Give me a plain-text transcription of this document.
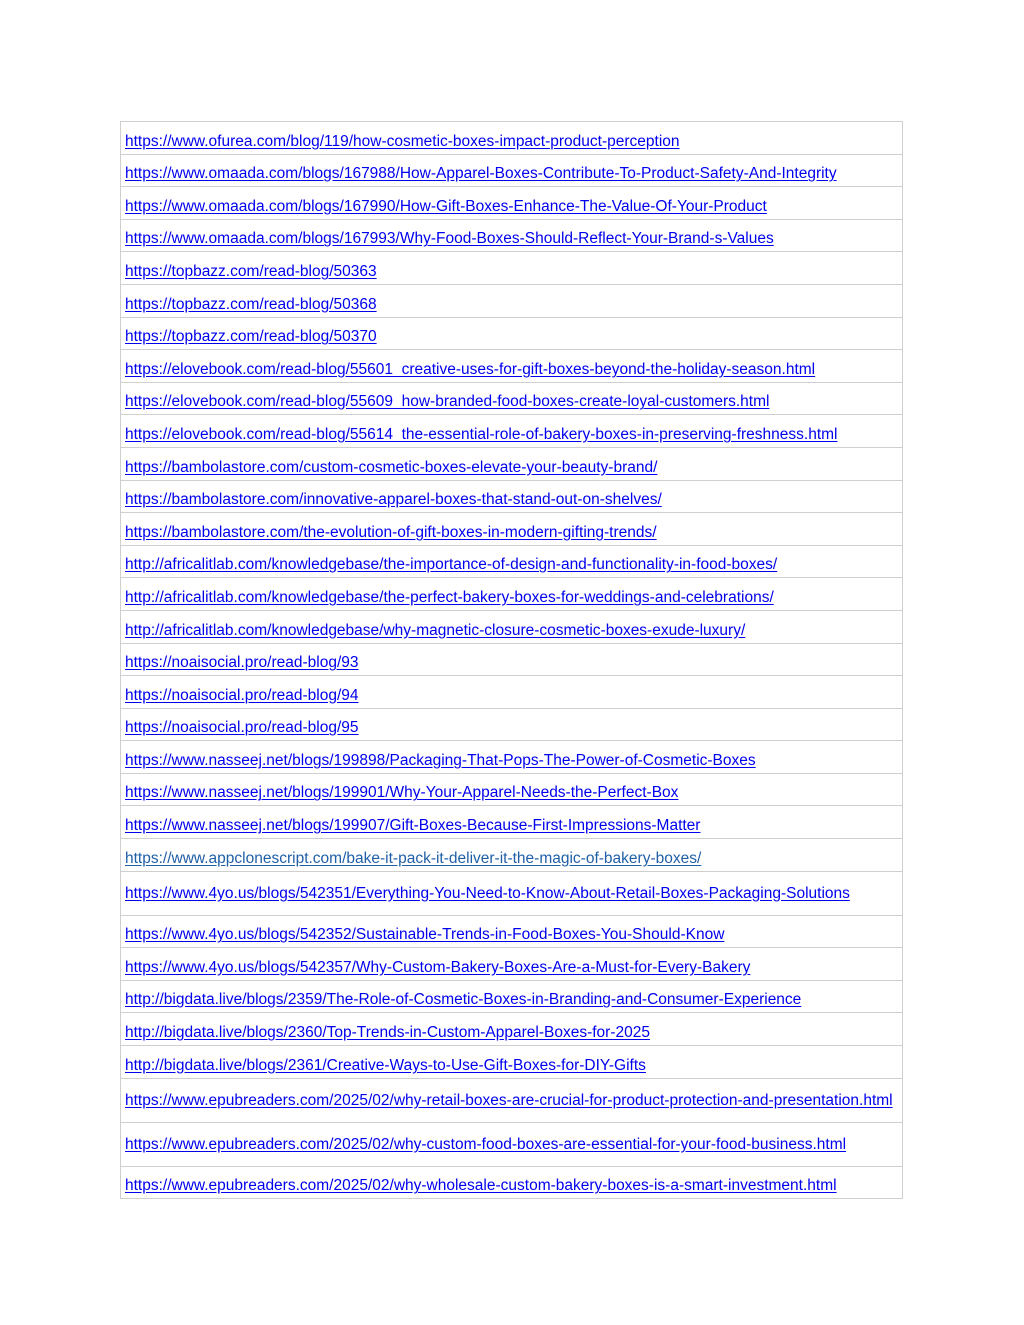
https://www.ofurea.com/blog/119/how-cosmetic-boxes-impact-product-perception
https://www.omaada.com/blogs/167988/How-Apparel-Boxes-Contribute-To-Product-Safety-And-Integrity
https://www.omaada.com/blogs/167990/How-Gift-Boxes-Enhance-The-Value-Of-Your-Product
https://www.omaada.com/blogs/167993/Why-Food-Boxes-Should-Reflect-Your-Brand-s-Values
https://topbazz.com/read-blog/50363
https://topbazz.com/read-blog/50368
https://topbazz.com/read-blog/50370
https://elovebook.com/read-blog/55601_creative-uses-for-gift-boxes-beyond-the-holiday-season.html
https://elovebook.com/read-blog/55609_how-branded-food-boxes-create-loyal-customers.html
https://elovebook.com/read-blog/55614_the-essential-role-of-bakery-boxes-in-preserving-freshness.html
https://bambolastore.com/custom-cosmetic-boxes-elevate-your-beauty-brand/
https://bambolastore.com/innovative-apparel-boxes-that-stand-out-on-shelves/
https://bambolastore.com/the-evolution-of-gift-boxes-in-modern-gifting-trends/
http://africalitlab.com/knowledgebase/the-importance-of-design-and-functionality-in-food-boxes/
http://africalitlab.com/knowledgebase/the-perfect-bakery-boxes-for-weddings-and-celebrations/
http://africalitlab.com/knowledgebase/why-magnetic-closure-cosmetic-boxes-exude-luxury/
https://noaisocial.pro/read-blog/93
https://noaisocial.pro/read-blog/94
https://noaisocial.pro/read-blog/95
https://www.nasseej.net/blogs/199898/Packaging-That-Pops-The-Power-of-Cosmetic-Boxes
https://www.nasseej.net/blogs/199901/Why-Your-Apparel-Needs-the-Perfect-Box
https://www.nasseej.net/blogs/199907/Gift-Boxes-Because-First-Impressions-Matter
https://www.appclonescript.com/bake-it-pack-it-deliver-it-the-magic-of-bakery-boxes/
https://www.4yo.us/blogs/542351/Everything-You-Need-to-Know-About-Retail-Boxes-Packaging-Solutions
https://www.4yo.us/blogs/542352/Sustainable-Trends-in-Food-Boxes-You-Should-Know
https://www.4yo.us/blogs/542357/Why-Custom-Bakery-Boxes-Are-a-Must-for-Every-Bakery
http://bigdata.live/blogs/2359/The-Role-of-Cosmetic-Boxes-in-Branding-and-Consumer-Experience
http://bigdata.live/blogs/2360/Top-Trends-in-Custom-Apparel-Boxes-for-2025
http://bigdata.live/blogs/2361/Creative-Ways-to-Use-Gift-Boxes-for-DIY-Gifts
https://www.epubreaders.com/2025/02/why-retail-boxes-are-crucial-for-product-protection-and-presentation.html
https://www.epubreaders.com/2025/02/why-custom-food-boxes-are-essential-for-your-food-business.html
https://www.epubreaders.com/2025/02/why-wholesale-custom-bakery-boxes-is-a-smart-investment.html
